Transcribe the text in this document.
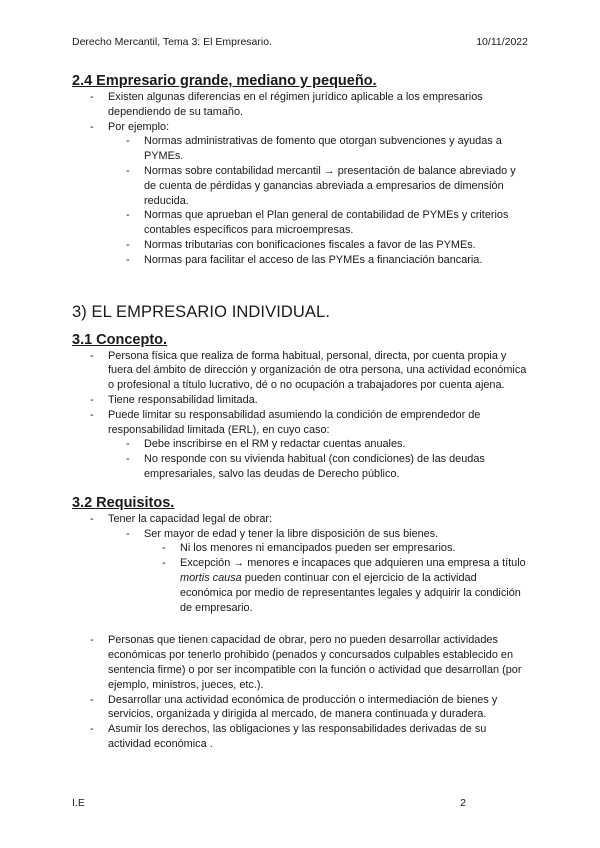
Derecho Mercantil, Tema 3: El Empresario.	10/11/2022
2.4 Empresario grande, mediano y pequeño.
- Existen algunas diferencias en el régimen jurídico aplicable a los empresarios dependiendo de su tamaño.
- Por ejemplo:
- Normas administrativas de fomento que otorgan subvenciones y ayudas a PYMEs.
- Normas sobre contabilidad mercantil → presentación de balance abreviado y de cuenta de pérdidas y ganancias abreviada a empresarios de dimensión reducida.
- Normas que aprueban el Plan general de contabilidad de PYMEs y criterios contables específicos para microempresas.
- Normas tributarias con bonificaciones fiscales a favor de las PYMEs.
- Normas para facilitar el acceso de las PYMEs a financiación bancaria.
3) EL EMPRESARIO INDIVIDUAL.
3.1 Concepto.
- Persona física que realiza de forma habitual, personal, directa, por cuenta propia y fuera del ámbito de dirección y organización de otra persona, una actividad económica o profesional a título lucrativo, dé o no ocupación a trabajadores por cuenta ajena.
- Tiene responsabilidad limitada.
- Puede limitar su responsabilidad asumiendo la condición de emprendedor de responsabilidad limitada (ERL), en cuyo caso:
- Debe inscribirse en el RM y redactar cuentas anuales.
- No responde con su vivienda habitual (con condiciones) de las deudas empresariales, salvo las deudas de Derecho público.
3.2 Requisitos.
- Tener la capacidad legal de obrar:
- Ser mayor de edad y tener la libre disposición de sus bienes.
- Ni los menores ni emancipados pueden ser empresarios.
- Excepción → menores e incapaces que adquieren una empresa a título mortis causa pueden continuar con el ejercicio de la actividad económica por medio de representantes legales y adquirir la condición de empresario.
- Personas que tienen capacidad de obrar, pero no pueden desarrollar actividades económicas por tenerlo prohibido (penados y concursados culpables establecido en sentencia firme) o por ser incompatible con la función o actividad que desarrollan (por ejemplo, ministros, jueces, etc.).
- Desarrollar una actividad económica de producción o intermediación de bienes y servicios, organizada y dirigida al mercado, de manera continuada y duradera.
- Asumir los derechos, las obligaciones y las responsabilidades derivadas de su actividad económica .
I.E	2
